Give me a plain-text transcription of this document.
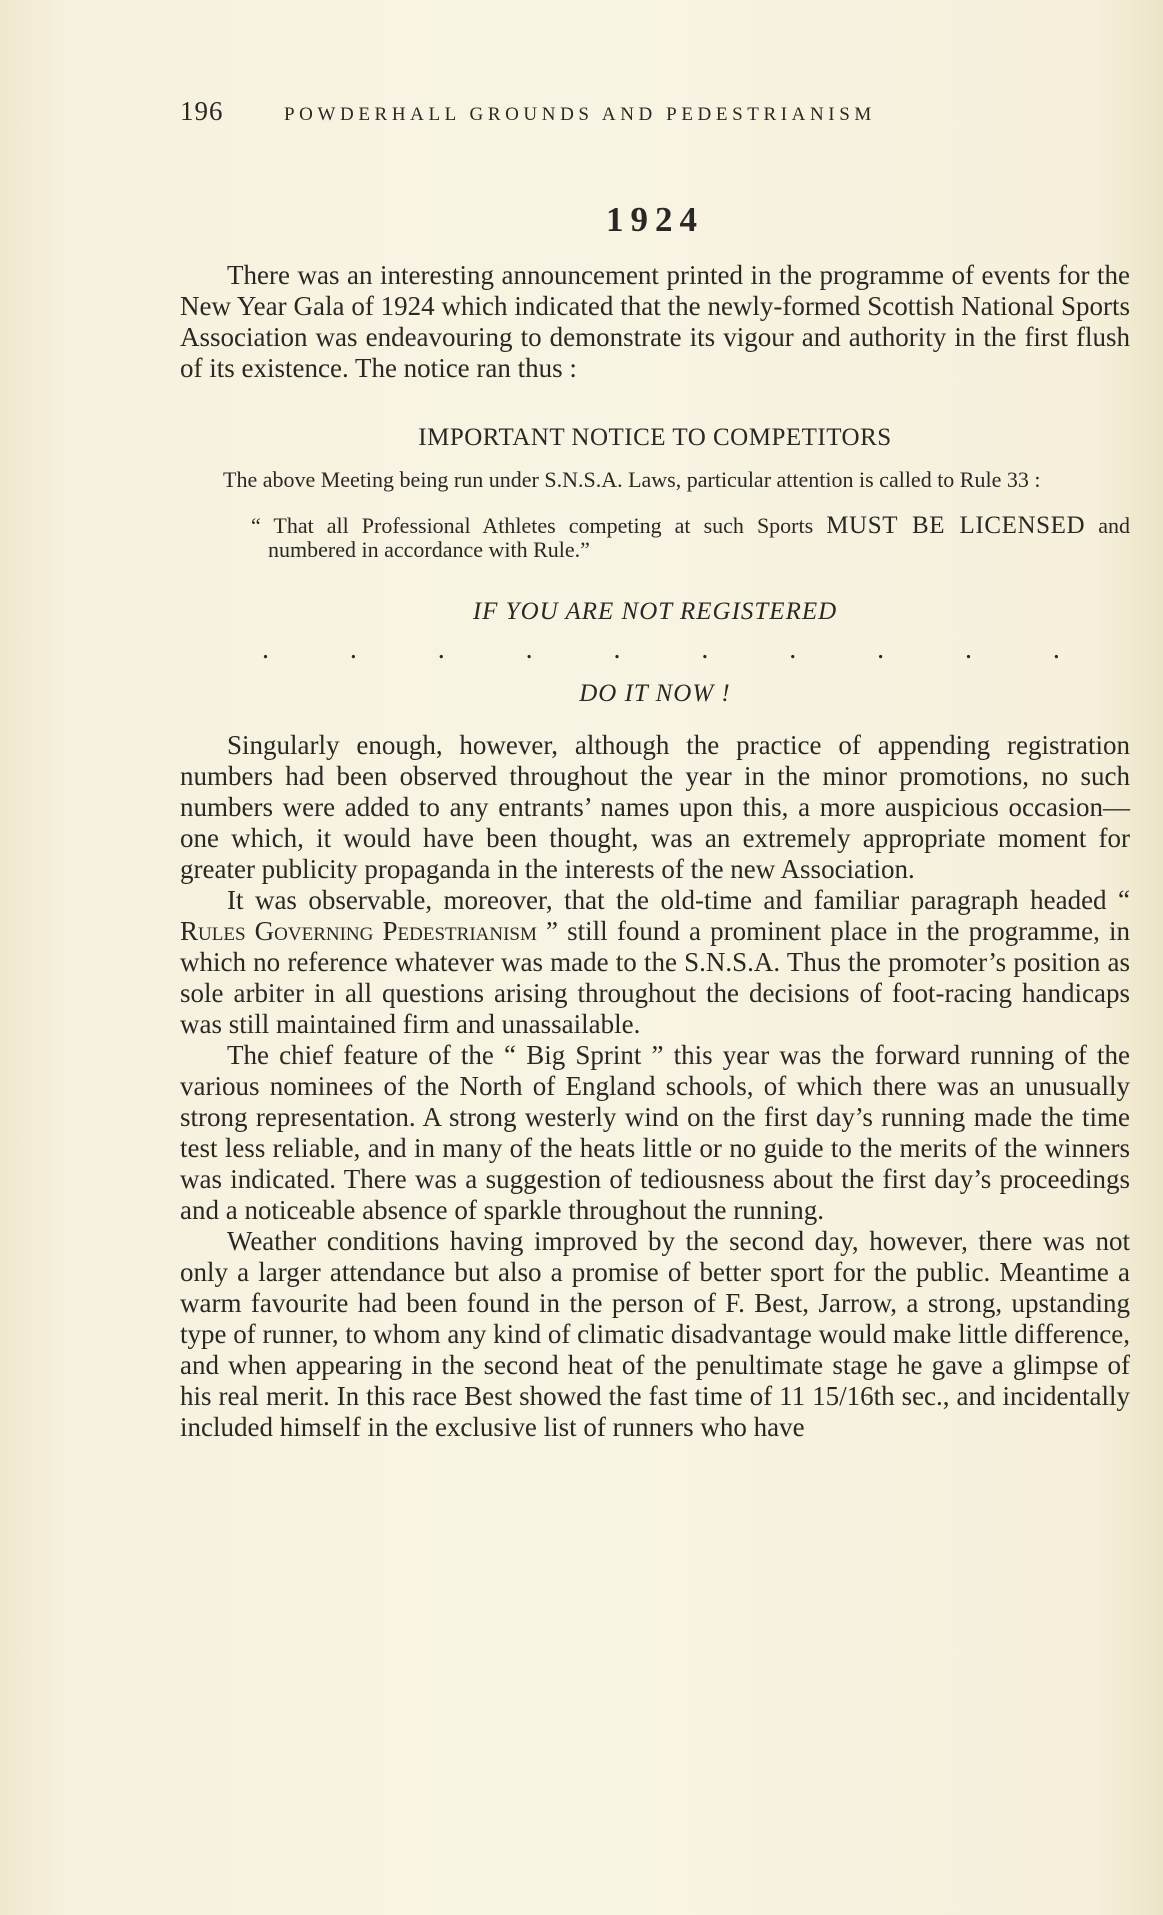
196	POWDERHALL GROUNDS AND PEDESTRIANISM
1924

There was an interesting announcement printed in the programme of events for the New Year Gala of 1924 which indicated that the newly-formed Scottish National Sports Association was endeavouring to demonstrate its vigour and authority in the first flush of its existence. The notice ran thus :

IMPORTANT NOTICE TO COMPETITORS
The above Meeting being run under S.N.S.A. Laws, particular attention is called to Rule 33 :
“ That all Professional Athletes competing at such Sports MUST BE LICENSED and numbered in accordance with Rule.”
IF YOU ARE NOT REGISTERED
.	.	.	.	.	.	.	.	.	.
DO IT NOW !

Singularly enough, however, although the practice of appending registration numbers had been observed throughout the year in the minor promotions, no such numbers were added to any entrants’ names upon this, a more auspicious occasion—one which, it would have been thought, was an extremely appropriate moment for greater publicity propaganda in the interests of the new Association.

It was observable, moreover, that the old-time and familiar paragraph headed “ Rules Governing Pedestrianism ” still found a prominent place in the programme, in which no reference whatever was made to the S.N.S.A. Thus the promoter’s position as sole arbiter in all questions arising throughout the decisions of foot-racing handicaps was still maintained firm and unassailable.

The chief feature of the “ Big Sprint ” this year was the forward running of the various nominees of the North of England schools, of which there was an unusually strong representation. A strong westerly wind on the first day’s running made the time test less reliable, and in many of the heats little or no guide to the merits of the winners was indicated. There was a suggestion of tediousness about the first day’s proceedings and a noticeable absence of sparkle throughout the running.

Weather conditions having improved by the second day, however, there was not only a larger attendance but also a promise of better sport for the public. Meantime a warm favourite had been found in the person of F. Best, Jarrow, a strong, upstanding type of runner, to whom any kind of climatic disadvantage would make little difference, and when appearing in the second heat of the penultimate stage he gave a glimpse of his real merit. In this race Best showed the fast time of 11 15/16th sec., and incidentally included himself in the exclusive list of runners who have
